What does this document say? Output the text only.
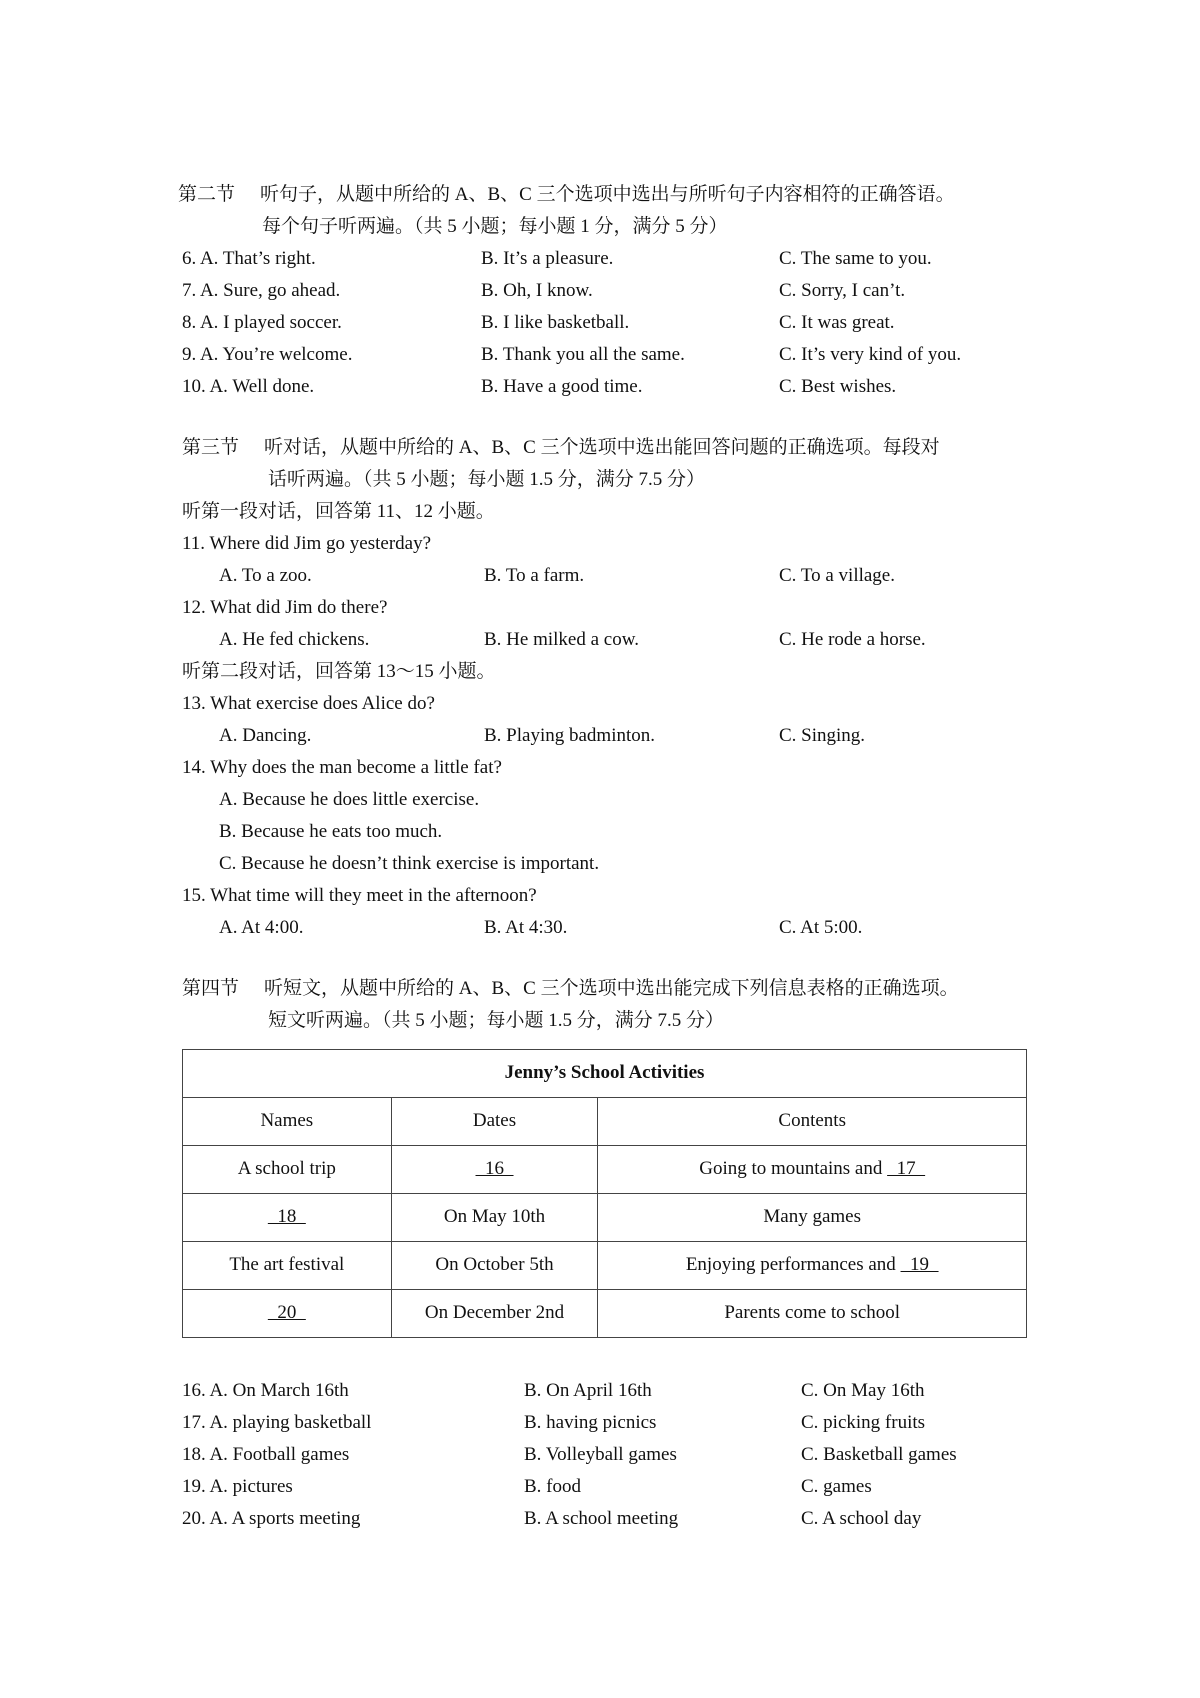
第二节 听句子，从题中所给的 A、B、C 三个选项中选出与所听句子内容相符的正确答语。
每个句子听两遍。（共 5 小题；每小题 1 分，满分 5 分）
6. A. That’s right.	B. It’s a pleasure.	C. The same to you.
7. A. Sure, go ahead.	B. Oh, I know.	C. Sorry, I can’t.
8. A. I played soccer.	B. I like basketball.	C. It was great.
9. A. You’re welcome.	B. Thank you all the same.	C. It’s very kind of you.
10. A. Well done.	B. Have a good time.	C. Best wishes.
第三节 听对话，从题中所给的 A、B、C 三个选项中选出能回答问题的正确选项。每段对
话听两遍。（共 5 小题；每小题 1.5 分，满分 7.5 分）
听第一段对话，回答第 11、12 小题。
11. Where did Jim go yesterday?
A. To a zoo.	B. To a farm.	C. To a village.
12. What did Jim do there?
A. He fed chickens.	B. He milked a cow.	C. He rode a horse.
听第二段对话，回答第 13～15 小题。
13. What exercise does Alice do?
A. Dancing.	B. Playing badminton.	C. Singing.
14. Why does the man become a little fat?
A. Because he does little exercise.
B. Because he eats too much.
C. Because he doesn’t think exercise is important.
15. What time will they meet in the afternoon?
A. At 4:00.	B. At 4:30.	C. At 5:00.
第四节 听短文，从题中所给的 A、B、C 三个选项中选出能完成下列信息表格的正确选项。
短文听两遍。（共 5 小题；每小题 1.5 分，满分 7.5 分）
Jenny’s School Activities		
Names	Dates	Contents
A school trip	16	Going to mountains and   17
18	On May 10th	Many games
The art festival	On October 5th	Enjoying performances and   19
20	On December 2nd	Parents come to school
16. A. On March 16th	B. On April 16th	C. On May 16th
17. A. playing basketball	B. having picnics	C. picking fruits
18. A. Football games	B. Volleyball games	C. Basketball games
19. A. pictures	B. food	C. games
20. A. A sports meeting	B. A school meeting	C. A school day
